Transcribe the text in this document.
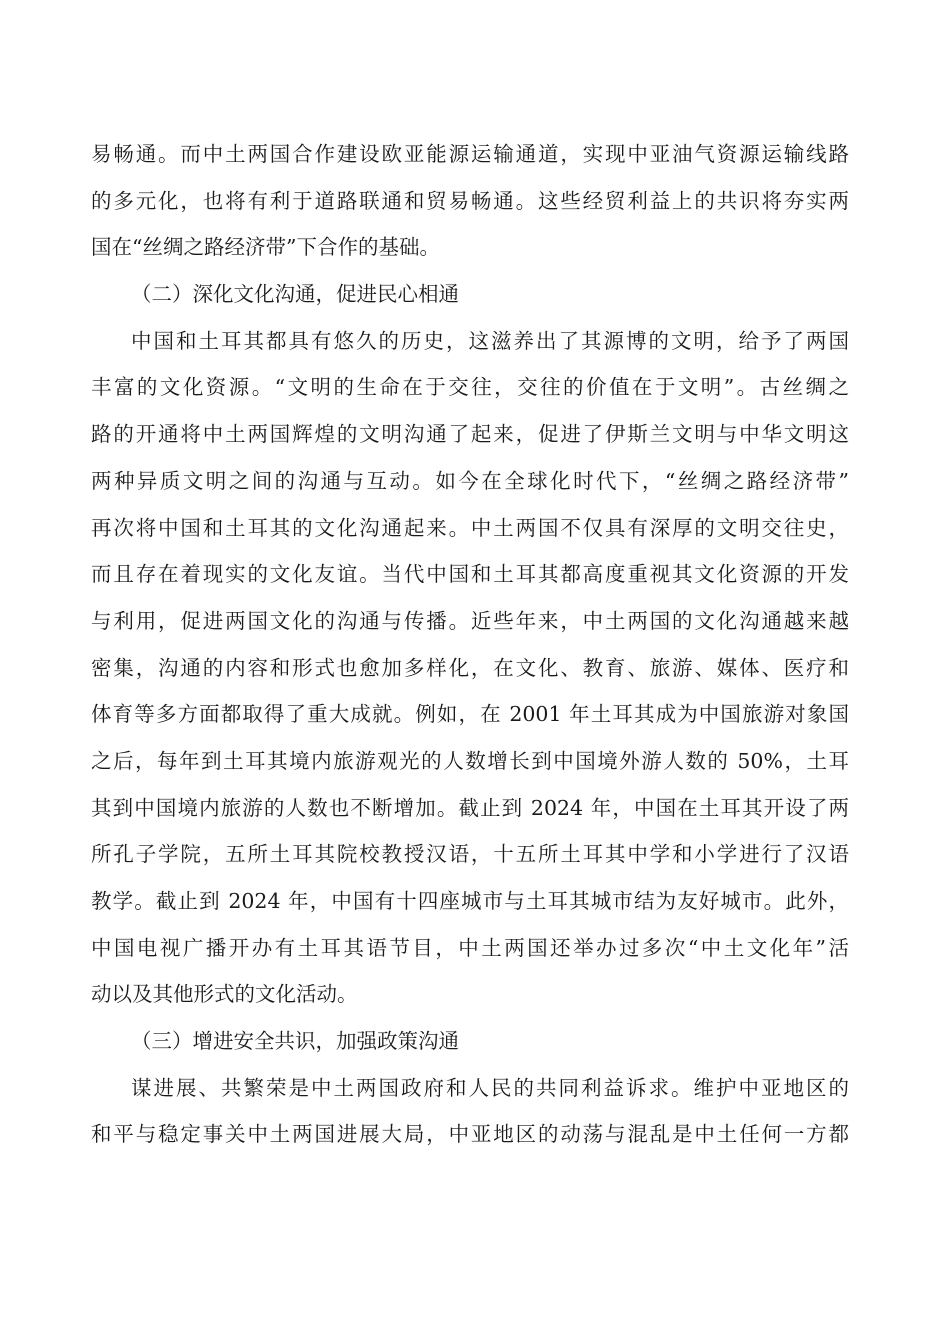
易畅通。而中土两国合作建设欧亚能源运输通道，实现中亚油气资源运输线路
的多元化，也将有利于道路联通和贸易畅通。这些经贸利益上的共识将夯实两
国在“丝绸之路经济带”下合作的基础。
（二）深化文化沟通，促进民心相通
中国和土耳其都具有悠久的历史，这滋养出了其源博的文明，给予了两国
丰富的文化资源。“文明的生命在于交往，交往的价值在于文明”。古丝绸之
路的开通将中土两国辉煌的文明沟通了起来，促进了伊斯兰文明与中华文明这
两种异质文明之间的沟通与互动。如今在全球化时代下，“丝绸之路经济带”
再次将中国和土耳其的文化沟通起来。中土两国不仅具有深厚的文明交往史，
而且存在着现实的文化友谊。当代中国和土耳其都高度重视其文化资源的开发
与利用，促进两国文化的沟通与传播。近些年来，中土两国的文化沟通越来越
密集，沟通的内容和形式也愈加多样化，在文化、教育、旅游、媒体、医疗和
体育等多方面都取得了重大成就。例如，在 2001 年土耳其成为中国旅游对象国
之后，每年到土耳其境内旅游观光的人数增长到中国境外游人数的 50%，土耳
其到中国境内旅游的人数也不断增加。截止到 2024 年，中国在土耳其开设了两
所孔子学院，五所土耳其院校教授汉语，十五所土耳其中学和小学进行了汉语
教学。截止到 2024 年，中国有十四座城市与土耳其城市结为友好城市。此外，
中国电视广播开办有土耳其语节目，中土两国还举办过多次“中土文化年”活
动以及其他形式的文化活动。
（三）增进安全共识，加强政策沟通
谋进展、共繁荣是中土两国政府和人民的共同利益诉求。维护中亚地区的
和平与稳定事关中土两国进展大局，中亚地区的动荡与混乱是中土任何一方都
